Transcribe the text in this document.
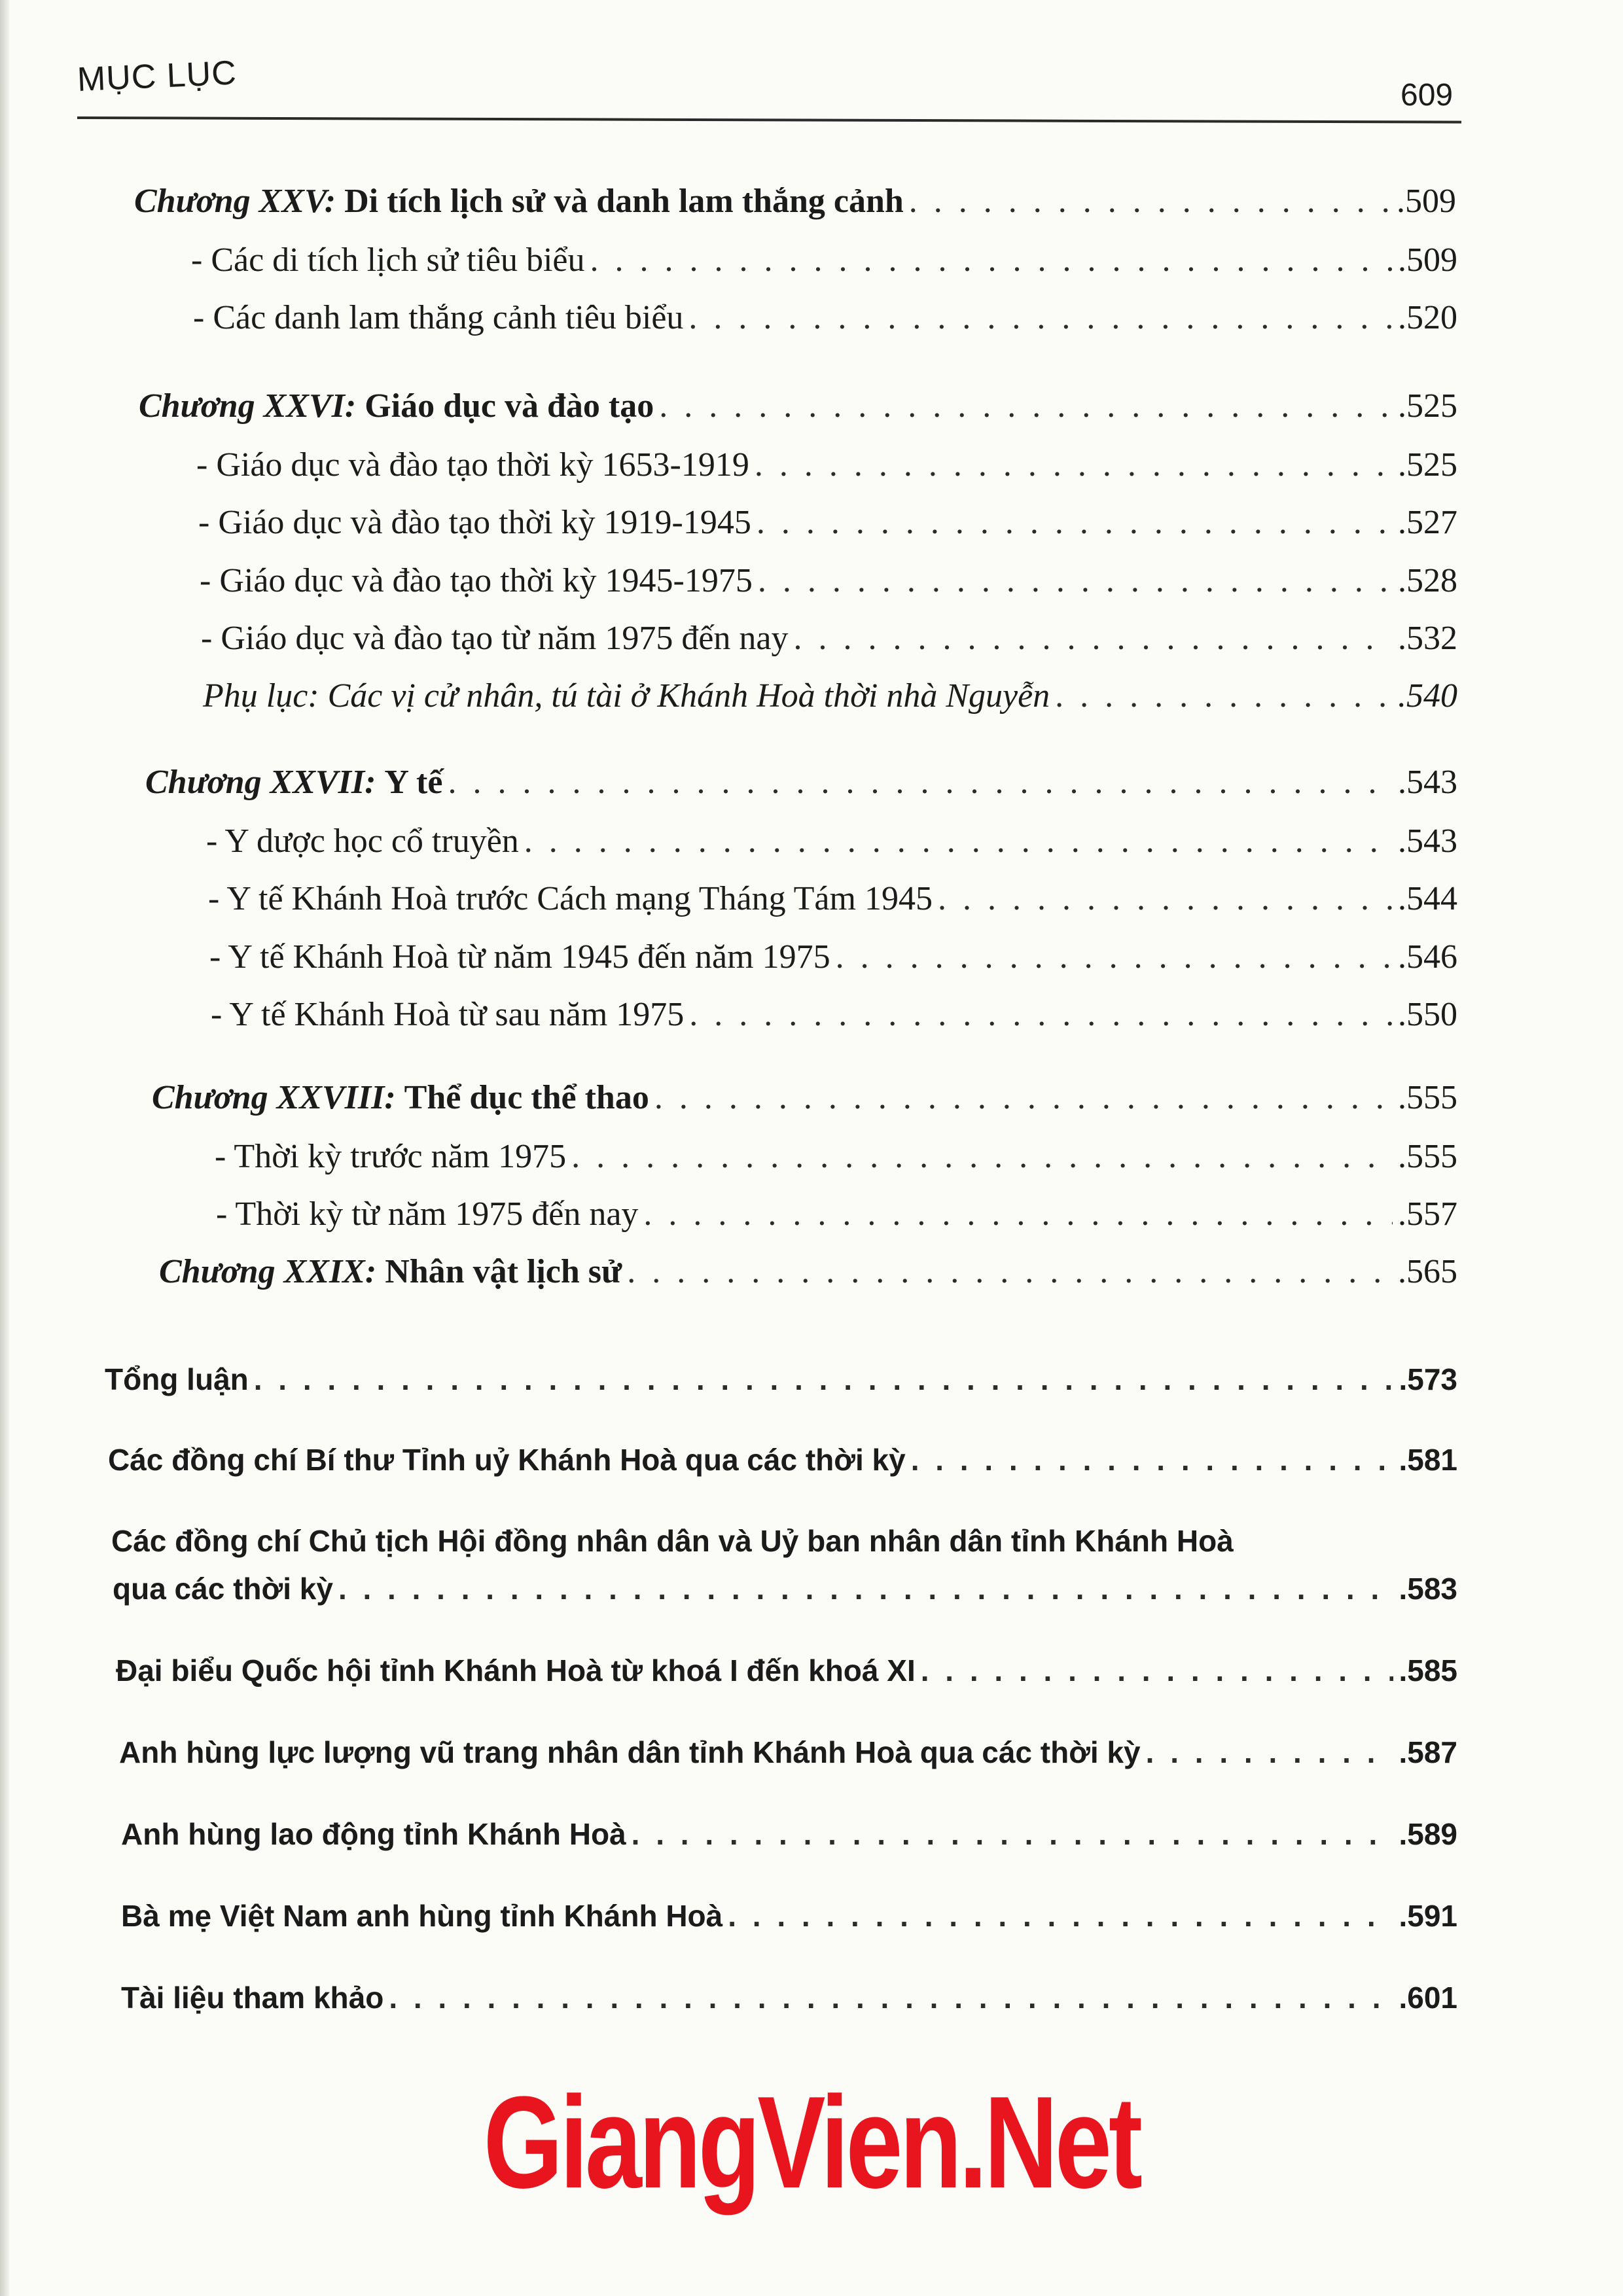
MỤC LỤC	609
Chương XXV: Di tích lịch sử và danh lam thắng cảnh . . .	.509
- Các di tích lịch sử tiêu biểu . . .	.509
- Các danh lam thắng cảnh tiêu biểu . . .	.520
Chương XXVI: Giáo dục và đào tạo . . .	.525
- Giáo dục và đào tạo thời kỳ 1653-1919 . . .	.525
- Giáo dục và đào tạo thời kỳ 1919-1945 . . .	.527
- Giáo dục và đào tạo thời kỳ 1945-1975 . . .	.528
- Giáo dục và đào tạo từ năm 1975 đến nay . . .	.532
Phụ lục: Các vị cử nhân, tú tài ở Khánh Hoà thời nhà Nguyễn . . .	.540
Chương XXVII: Y tế . . .	.543
- Y dược học cổ truyền . . .	.543
- Y tế Khánh Hoà trước Cách mạng Tháng Tám 1945 . . .	.544
- Y tế Khánh Hoà từ năm 1945 đến năm 1975 . . .	.546
- Y tế Khánh Hoà từ sau năm 1975 . . .	.550
Chương XXVIII: Thể dục thể thao . . .	.555
- Thời kỳ trước năm 1975 . . .	.555
- Thời kỳ từ năm 1975 đến nay . . .	.557
Chương XXIX: Nhân vật lịch sử . . .	.565
Tổng luận . . .	.573
Các đồng chí Bí thư Tỉnh uỷ Khánh Hoà qua các thời kỳ . . .	.581
Các đồng chí Chủ tịch Hội đồng nhân dân và Uỷ ban nhân dân tỉnh Khánh Hoà
qua các thời kỳ . . .	.583
Đại biểu Quốc hội tỉnh Khánh Hoà từ khoá I đến khoá XI . . .	.585
Anh hùng lực lượng vũ trang nhân dân tỉnh Khánh Hoà qua các thời kỳ . . .	.587
Anh hùng lao động tỉnh Khánh Hoà . . .	.589
Bà mẹ Việt Nam anh hùng tỉnh Khánh Hoà . . .	.591
Tài liệu tham khảo . . .	.601
GiangVien.Net
